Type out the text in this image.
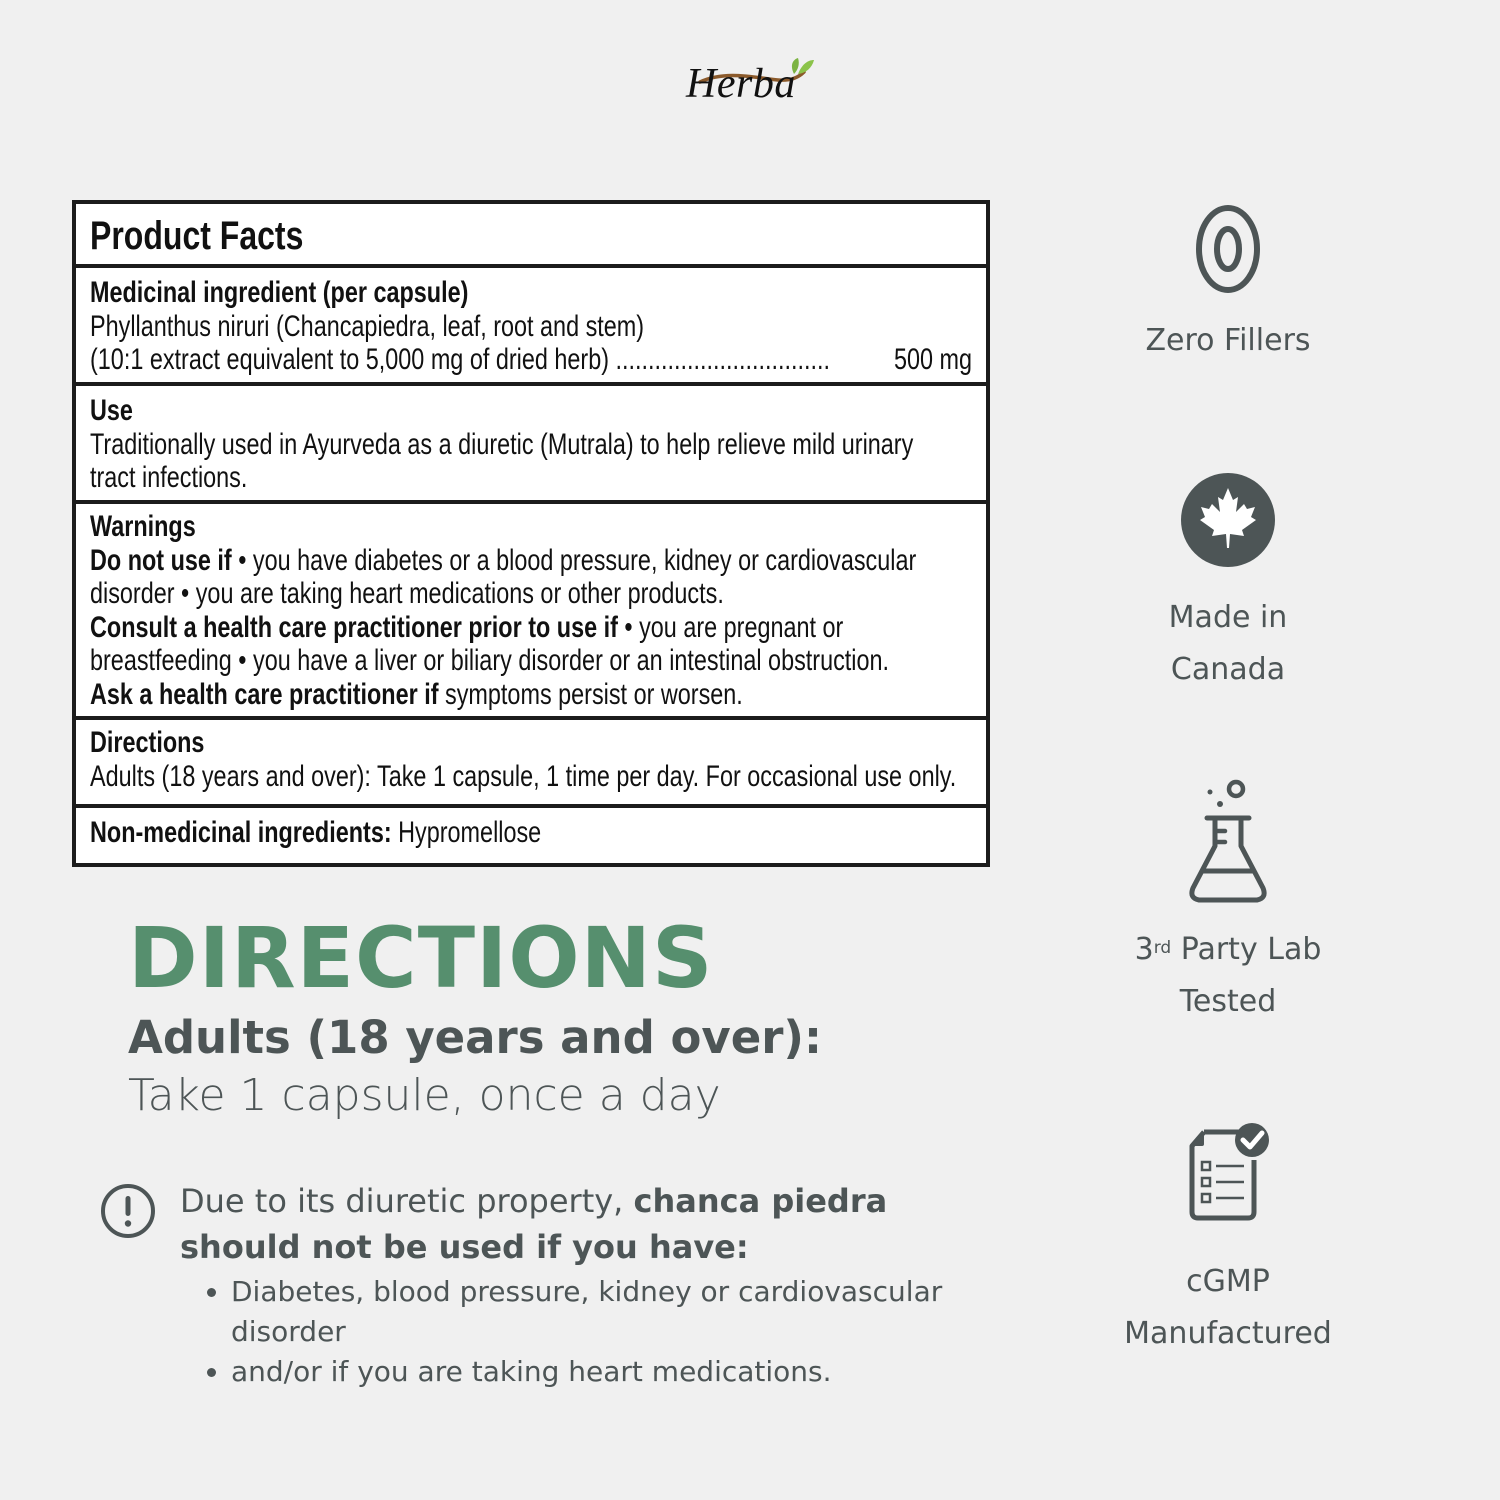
Herba
Product Facts
Medicinal ingredient (per capsule)
Phyllanthus niruri (Chancapiedra, leaf, root and stem)
(10:1 extract equivalent to 5,000 mg of dried herb) .................................	500 mg
Use
Traditionally used in Ayurveda as a diuretic (Mutrala) to help relieve mild urinary
tract infections.
Warnings
Do not use if • you have diabetes or a blood pressure, kidney or cardiovascular
disorder • you are taking heart medications or other products.
Consult a health care practitioner prior to use if • you are pregnant or
breastfeeding • you have a liver or biliary disorder or an intestinal obstruction.
Ask a health care practitioner if symptoms persist or worsen.
Directions
Adults (18 years and over): Take 1 capsule, 1 time per day. For occasional use only.
Non-medicinal ingredients: Hypromellose
DIRECTIONS
Adults (18 years and over):
Take 1 capsule, once a day
Due to its diuretic property, chanca piedra should not be used if you have:
Diabetes, blood pressure, kidney or cardiovascular disorder
and/or if you are taking heart medications.
Zero Fillers
Made in
Canada
3rd Party Lab
Tested
cGMP
Manufactured
